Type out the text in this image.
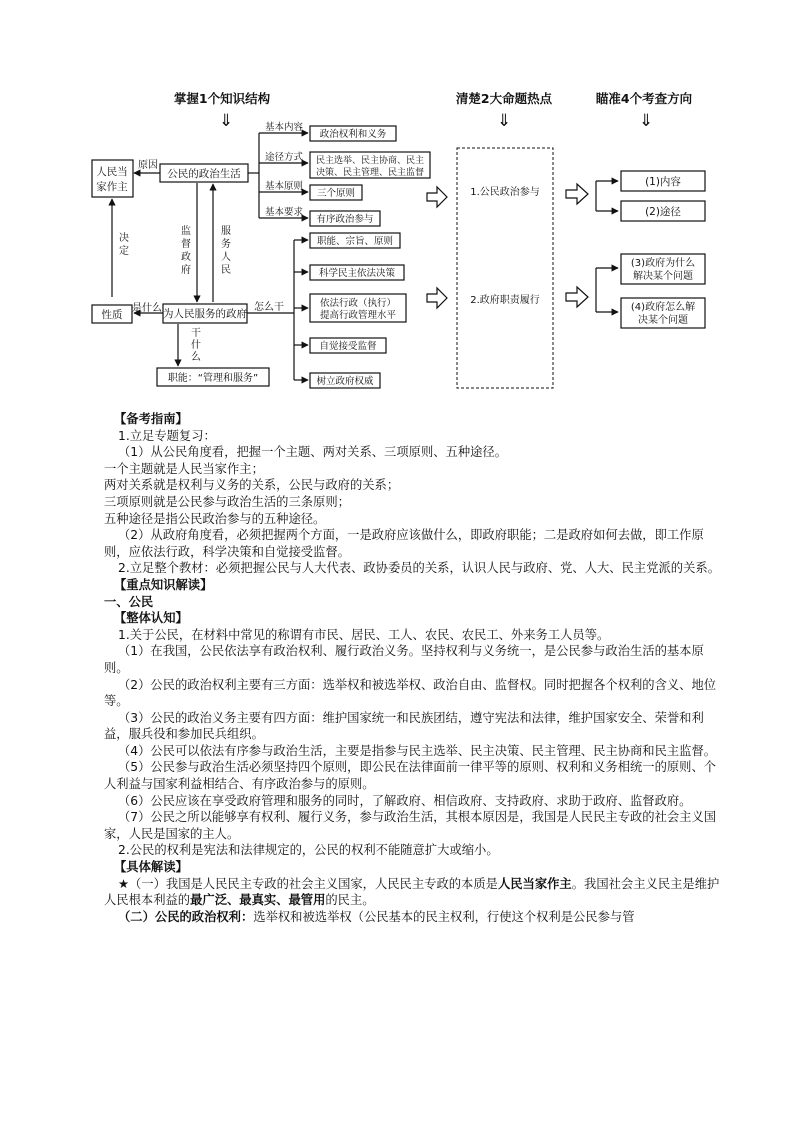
掌握1个知识结构	清楚2大命题热点	瞄准4个考查方向
⇓	⇓	⇓
人民当
家作主
原因
公民的政治生活
基本内容
途径方式
基本原则
基本要求
政治权利和义务
民主选举、民主协商、民主
决策、民主管理、民主监督
三个原则
有序政治参与
决
定
性质
是什么 为人民服务的政府
监
督
政
府
服
务
人
民
干
什
么
职能：“管理和服务”
怎么干
职能、宗旨、原则
科学民主依法决策
依法行政（执行）
提高行政管理水平
自觉接受监督
树立政府权威
1.公民政治参与
2.政府职责履行
(1)内容
(2)途径
(3)政府为什么
解决某个问题
(4)政府怎么解
决某个问题

【备考指南】

1.立足专题复习：

（1）从公民角度看，把握一个主题、两对关系、三项原则、五种途径。

一个主题就是人民当家作主；

两对关系就是权利与义务的关系，公民与政府的关系；

三项原则就是公民参与政治生活的三条原则；

五种途径是指公民政治参与的五种途径。

（2）从政府角度看，必须把握两个方面，一是政府应该做什么，即政府职能；二是政府如何去做，即工作原则，应依法行政，科学决策和自觉接受监督。

2.立足整个教材：必须把握公民与人大代表、政协委员的关系，认识人民与政府、党、人大、民主党派的关系。

【重点知识解读】

一、公民

【整体认知】

1.关于公民，在材料中常见的称谓有市民、居民、工人、农民、农民工、外来务工人员等。

（1）在我国，公民依法享有政治权利、履行政治义务。坚持权利与义务统一，是公民参与政治生活的基本原则。

（2）公民的政治权利主要有三方面：选举权和被选举权、政治自由、监督权。同时把握各个权利的含义、地位等。

（3）公民的政治义务主要有四方面：维护国家统一和民族团结，遵守宪法和法律，维护国家安全、荣誉和利益，服兵役和参加民兵组织。

（4）公民可以依法有序参与政治生活，主要是指参与民主选举、民主决策、民主管理、民主协商和民主监督。

（5）公民参与政治生活必须坚持四个原则，即公民在法律面前一律平等的原则、权利和义务相统一的原则、个人利益与国家利益相结合、有序政治参与的原则。

（6）公民应该在享受政府管理和服务的同时，了解政府、相信政府、支持政府、求助于政府、监督政府。

（7）公民之所以能够享有权利、履行义务，参与政治生活，其根本原因是，我国是人民民主专政的社会主义国家，人民是国家的主人。

2.公民的权利是宪法和法律规定的，公民的权利不能随意扩大或缩小。

【具体解读】

★（一）我国是人民民主专政的社会主义国家，人民民主专政的本质是人民当家作主。我国社会主义民主是维护人民根本利益的最广泛、最真实、最管用的民主。

（二）公民的政治权利：选举权和被选举权（公民基本的民主权利，行使这个权利是公民参与管
